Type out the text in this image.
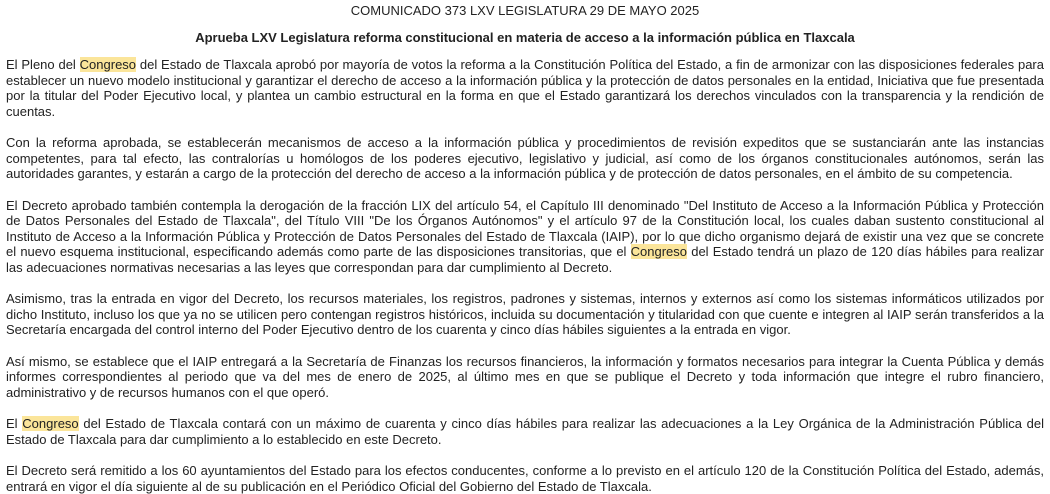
COMUNICADO 373 LXV LEGISLATURA 29 DE MAYO 2025
Aprueba LXV Legislatura reforma constitucional en materia de acceso a la información pública en Tlaxcala

El Pleno del Congreso del Estado de Tlaxcala aprobó por mayoría de votos la reforma a la Constitución Política del Estado, a fin de armonizar con las disposiciones federales para establecer un nuevo modelo institucional y garantizar el derecho de acceso a la información pública y la protección de datos personales en la entidad, Iniciativa que fue presentada por la titular del Poder Ejecutivo local, y plantea un cambio estructural en la forma en que el Estado garantizará los derechos vinculados con la transparencia y la rendición de cuentas.

Con la reforma aprobada, se establecerán mecanismos de acceso a la información pública y procedimientos de revisión expeditos que se sustanciarán ante las instancias competentes, para tal efecto, las contralorías u homólogos de los poderes ejecutivo, legislativo y judicial, así como de los órganos constitucionales autónomos, serán las autoridades garantes, y estarán a cargo de la protección del derecho de acceso a la información pública y de protección de datos personales, en el ámbito de su competencia.

El Decreto aprobado también contempla la derogación de la fracción LIX del artículo 54, el Capítulo III denominado "Del Instituto de Acceso a la Información Pública y Protección de Datos Personales del Estado de Tlaxcala", del Título VIII "De los Órganos Autónomos" y el artículo 97 de la Constitución local, los cuales daban sustento constitucional al Instituto de Acceso a la Información Pública y Protección de Datos Personales del Estado de Tlaxcala (IAIP), por lo que dicho organismo dejará de existir una vez que se concrete el nuevo esquema institucional, especificando además como parte de las disposiciones transitorias, que el Congreso del Estado tendrá un plazo de 120 días hábiles para realizar las adecuaciones normativas necesarias a las leyes que correspondan para dar cumplimiento al Decreto.

Asimismo, tras la entrada en vigor del Decreto, los recursos materiales, los registros, padrones y sistemas, internos y externos así como los sistemas informáticos utilizados por dicho Instituto, incluso los que ya no se utilicen pero contengan registros históricos, incluida su documentación y titularidad con que cuente e integren al IAIP serán transferidos a la Secretaría encargada del control interno del Poder Ejecutivo dentro de los cuarenta y cinco días hábiles siguientes a la entrada en vigor.

Así mismo, se establece que el IAIP entregará a la Secretaría de Finanzas los recursos financieros, la información y formatos necesarios para integrar la Cuenta Pública y demás informes correspondientes al periodo que va del mes de enero de 2025, al último mes en que se publique el Decreto y toda información que integre el rubro financiero, administrativo y de recursos humanos con el que operó.

El Congreso del Estado de Tlaxcala contará con un máximo de cuarenta y cinco días hábiles para realizar las adecuaciones a la Ley Orgánica de la Administración Pública del Estado de Tlaxcala para dar cumplimiento a lo establecido en este Decreto.

El Decreto será remitido a los 60 ayuntamientos del Estado para los efectos conducentes, conforme a lo previsto en el artículo 120 de la Constitución Política del Estado, además, entrará en vigor el día siguiente al de su publicación en el Periódico Oficial del Gobierno del Estado de Tlaxcala.
